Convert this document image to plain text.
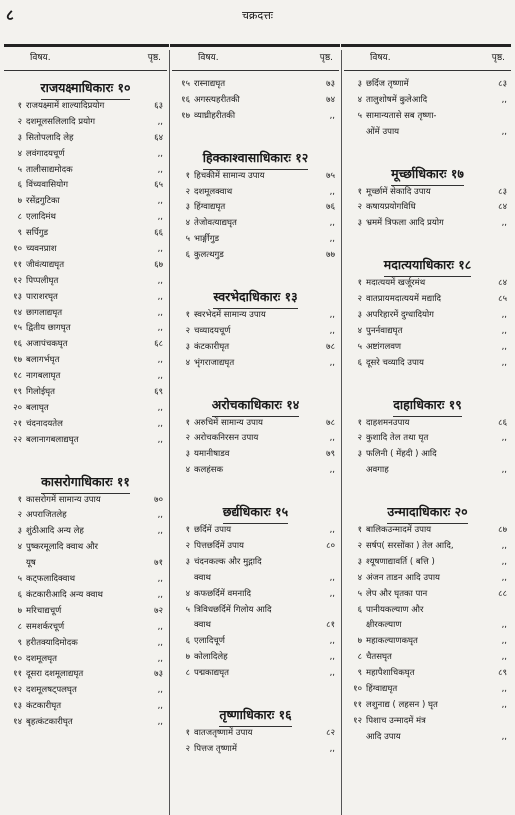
८	चक्रदत्तः
विषय.	पृष्ठ.
राजयक्ष्माधिकारः १०
१ राजयक्ष्मामें शाल्यादिप्रयोग	६३
२ दशमूलसलिलादि प्रयोग	,,
३ सितोपलादि लेह	६४
४ लवंगादयचूर्ण	,,
५ तालीसाद्यमोदक	,,
६ विंच्यवासियोग	६५
७ रसेंद्रगुटिका	,,
८ एलादिमंथ	,,
९ सर्पिगुड	६६
१० च्यवनप्राश	,,
११ जीवंत्याद्यघृत	६७
१२ पिप्पलीघृत	,,
१३ पाराशरघृत	,,
१४ छागलाद्यघृत	,,
१५ द्वितीय छागघृत	,,
१६ अजापंचकघृत	६८
१७ बलागर्भघृत	,,
१८ नागबलाघृत	,,
१९ गिलोईघृत	६९
२० बलाघृत	,,
२१ चंदनादयतेल	,,
२२ बलानागबलाद्यघृत	,,
कासरोगाधिकारः ११
१ कासरोगमें सामान्य उपाय	७०
२ अपराजितलेह	,,
३ शुंठीआदि अन्य लेह	,,
४ पुष्करमूलादि क्वाथ और
यूष	७१
५ कट्फलादिक्वाथ	,,
६ कंटकारीआदि अन्य क्वाथ	,,
७ मरिचाद्यचूर्ण	७२
८ समशर्करचूर्ण	,,
९ हरीतक्यादिमोदक	,,
१० दशमूलघृत	,,
११ दूसरा दशमूलाद्यघृत	७३
१२ दशमूलषट्पलघृत	,,
१३ कंटकारीघृत	,,
१४ बृहत्कंटकारीघृत	,,
विषय.	पृष्ठ.
१५ रास्नाद्यघृत	७३
१६ अगस्त्यहरीतकी	७४
१७ व्याघ्रीहरीतकी	,,
हिक्काश्वासाधिकारः १२
१ हिचकीमें सामान्य उपाय	७५
२ दशमूलक्वाथ	,,
३ हिंग्वाद्यघृत	७६
४ तेजोवत्याद्यघृत	,,
५ भार्ङ्गीगुड	,,
६ कुलत्थगुड	७७
स्वरभेदाधिकारः १३
१ स्वरभेदमें सामान्य उपाय	,,
२ चव्यादयचूर्ण	,,
३ कंटकारीघृत	७८
४ भृंगराजाद्यघृत	,,
अरोचकाधिकारः १४
१ अरुचिमें सामान्य उपाय	७८
२ अरोचकनिरसन उपाय	,,
३ यमानीषाडव	७९
४ कलहंसक	,,
छर्द्यधिकारः १५
१ छर्दिमें उपाय	,,
२ पित्तछर्दिमें उपाय	८०
३ चंदनकल्क और मुद्गादि
क्वाथ	,,
४ कफछर्दिमें वमनादि	,,
५ त्रिविधछर्दिमें गिलोय आदि
क्वाथ	८१
६ एलादिचूर्ण	,,
७ कोलादिलेह	,,
८ पद्मकाद्यघृत	,,
तृष्णाधिकारः १६
१ वातजतृष्णामें उपाय	८२
२ पित्तज तृष्णामें	,,
विषय.	पृष्ठ.
३ छर्दिज तृष्णामें	८३
४ तालुशोषमें कुलेआदि	,,
५ सामान्यतासे सब तृष्णा-
ओंमें उपाय	,,
मूर्च्छाधिकारः १७
१ मूर्च्छामें सेकादि उपाय	८३
२ कषायप्रयोगविधि	८४
३ भ्रममें त्रिफला आदि प्रयोग	,,
मदात्ययाधिकारः १८
१ मदात्ययमें खर्जूरमंथ	८४
२ वातप्रायमदात्ययमें मद्यादि	८५
३ अपरिहारमें दुग्धादियोग	,,
४ पुनर्नवाद्यघृत	,,
५ अष्टांगलवण	,,
६ दूसरे चव्यादि उपाय	,,
दाहाधिकारः १९
१ दाहशमनउपाय	८६
२ कुशादि तेल तथा घृत	,,
३ फलिनी ( मेंहदी ) आदि
अवगाह	,,
उन्मादाधिकारः २०
१ बालिकउन्मादमें उपाय	८७
२ सर्षप( सरसोंका ) तेल आदि,	,,
३ श्यूषणाद्यावर्ति ( बत्ति )	,,
४ अंजन ताडन आदि उपाय	,,
५ लेप और घृतका पान	८८
६ पानीयकल्याण और
क्षीरकल्याण	,,
७ महाकल्याणकघृत	,,
८ चैतसघृत	,,
९ महापैशाचिकघृत	८९
१० हिंग्वाद्यघृत	,,
११ लशुनाद्य ( लहसन ) घृत	,,
१२ पिशाच उन्मादमें मंत्र
आदि उपाय	,,
